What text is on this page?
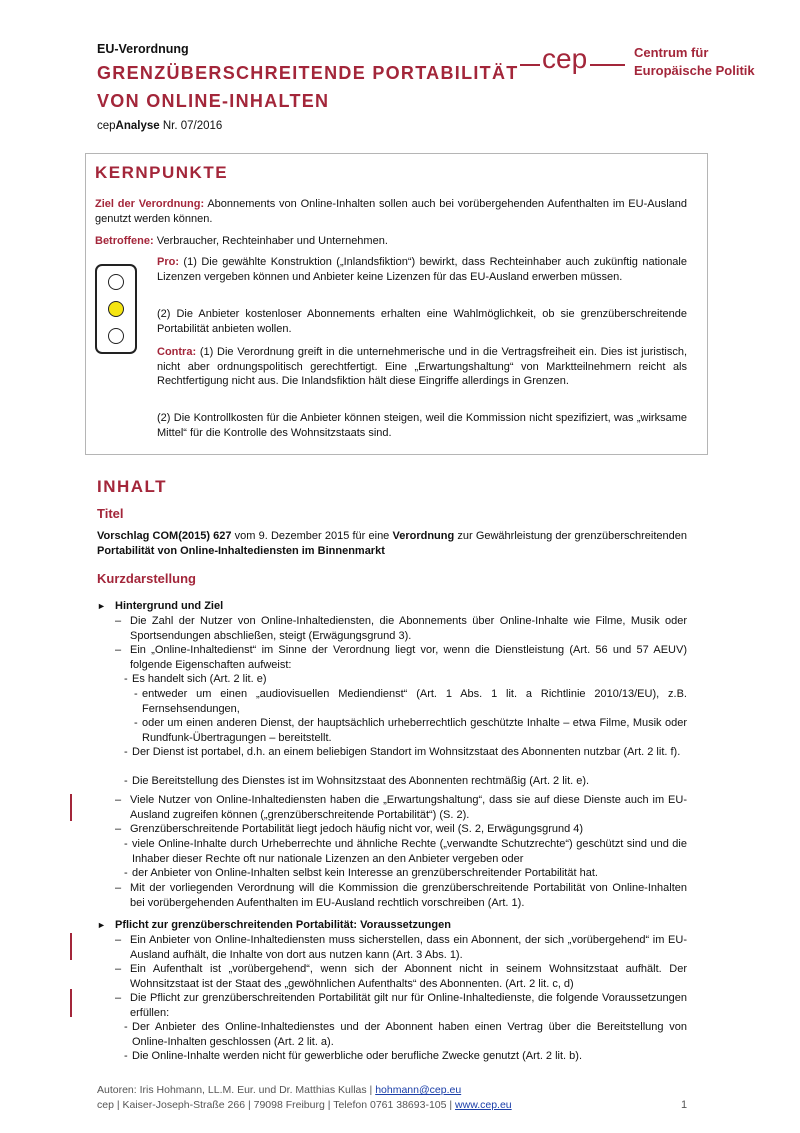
EU-Verordnung
GRENZÜBERSCHREITENDE PORTABILITÄT
VON ONLINE-INHALTEN
cepAnalyse Nr. 07/2016
cep	Centrum für
Europäische Politik
KERNPUNKTE
Ziel der Verordnung: Abonnements von Online-Inhalten sollen auch bei vorübergehenden Aufenthalten im EU-Ausland genutzt werden können.
Betroffene: Verbraucher, Rechteinhaber und Unternehmen.
Pro: (1) Die gewählte Konstruktion („Inlandsfiktion“) bewirkt, dass Rechteinhaber auch zukünftig nationale Lizenzen vergeben können und Anbieter keine Lizenzen für das EU-Ausland erwerben müssen.
(2) Die Anbieter kostenloser Abonnements erhalten eine Wahlmöglichkeit, ob sie grenzüberschreitende Portabilität anbieten wollen.
Contra: (1) Die Verordnung greift in die unternehmerische und in die Vertragsfreiheit ein. Dies ist juristisch, nicht aber ordnungspolitisch gerechtfertigt. Eine „Erwartungshaltung“ von Marktteilnehmern reicht als Rechtfertigung nicht aus. Die Inlandsfiktion hält diese Eingriffe allerdings in Grenzen.
(2) Die Kontrollkosten für die Anbieter können steigen, weil die Kommission nicht spezifiziert, was „wirksame Mittel“ für die Kontrolle des Wohnsitzstaats sind.
INHALT
Titel
Vorschlag COM(2015) 627 vom 9. Dezember 2015 für eine Verordnung zur Gewährleistung der grenzüberschreitenden Portabilität von Online-Inhaltediensten im Binnenmarkt
Kurzdarstellung
► Hintergrund und Ziel
– Die Zahl der Nutzer von Online-Inhaltediensten, die Abonnements über Online-Inhalte wie Filme, Musik oder Sportsendungen abschließen, steigt (Erwägungsgrund 3).
– Ein „Online-Inhaltedienst“ im Sinne der Verordnung liegt vor, wenn die Dienstleistung (Art. 56 und 57 AEUV) folgende Eigenschaften aufweist:
- Es handelt sich (Art. 2 lit. e)
- entweder um einen „audiovisuellen Mediendienst“ (Art. 1 Abs. 1 lit. a Richtlinie 2010/13/EU), z.B. Fernsehsendungen,
- oder um einen anderen Dienst, der hauptsächlich urheberrechtlich geschützte Inhalte – etwa Filme, Musik oder Rundfunk-Übertragungen – bereitstellt.
- Der Dienst ist portabel, d.h. an einem beliebigen Standort im Wohnsitzstaat des Abonnenten nutzbar (Art. 2 lit. f).
- Die Bereitstellung des Dienstes ist im Wohnsitzstaat des Abonnenten rechtmäßig (Art. 2 lit. e).
– Viele Nutzer von Online-Inhaltediensten haben die „Erwartungshaltung“, dass sie auf diese Dienste auch im EU-Ausland zugreifen können („grenzüberschreitende Portabilität“) (S. 2).
– Grenzüberschreitende Portabilität liegt jedoch häufig nicht vor, weil (S. 2, Erwägungsgrund 4)
- viele Online-Inhalte durch Urheberrechte und ähnliche Rechte („verwandte Schutzrechte“) geschützt sind und die Inhaber dieser Rechte oft nur nationale Lizenzen an den Anbieter vergeben oder
- der Anbieter von Online-Inhalten selbst kein Interesse an grenzüberschreitender Portabilität hat.
– Mit der vorliegenden Verordnung will die Kommission die grenzüberschreitende Portabilität von Online-Inhalten bei vorübergehenden Aufenthalten im EU-Ausland rechtlich vorschreiben (Art. 1).
► Pflicht zur grenzüberschreitenden Portabilität: Voraussetzungen
– Ein Anbieter von Online-Inhaltediensten muss sicherstellen, dass ein Abonnent, der sich „vorübergehend“ im EU-Ausland aufhält, die Inhalte von dort aus nutzen kann (Art. 3 Abs. 1).
– Ein Aufenthalt ist „vorübergehend“, wenn sich der Abonnent nicht in seinem Wohnsitzstaat aufhält. Der Wohnsitzstaat ist der Staat des „gewöhnlichen Aufenthalts“ des Abonnenten. (Art. 2 lit. c, d)
– Die Pflicht zur grenzüberschreitenden Portabilität gilt nur für Online-Inhaltedienste, die folgende Voraussetzungen erfüllen:
- Der Anbieter des Online-Inhaltedienstes und der Abonnent haben einen Vertrag über die Bereitstellung von Online-Inhalten geschlossen (Art. 2 lit. a).
- Die Online-Inhalte werden nicht für gewerbliche oder berufliche Zwecke genutzt (Art. 2 lit. b).
Autoren: Iris Hohmann, LL.M. Eur. und Dr. Matthias Kullas | hohmann@cep.eu
cep | Kaiser-Joseph-Straße 266 | 79098 Freiburg | Telefon 0761 38693-105 | www.cep.eu	1
